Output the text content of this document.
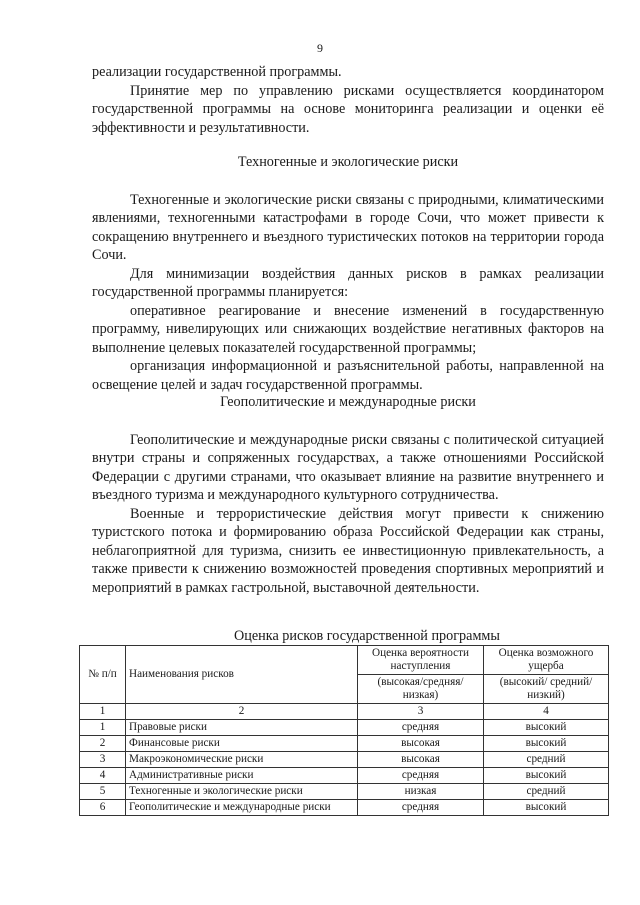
9

реализации государственной программы.

Принятие мер по управлению рисками осуществляется координатором государственной программы на основе мониторинга реализации и оценки её эффективности и результативности.

Техногенные и экологические риски

Техногенные и экологические риски связаны с природными, климатическими явлениями, техногенными катастрофами в городе Сочи, что может привести к сокращению внутреннего и въездного туристических потоков на территории города Сочи.

Для минимизации воздействия данных рисков в рамках реализации государственной программы планируется:

оперативное реагирование и внесение изменений в государственную программу, нивелирующих или снижающих воздействие негативных факторов на выполнение целевых показателей государственной программы;

организация информационной и разъяснительной работы, направленной на освещение целей и задач государственной программы.

Геополитические и международные риски

Геополитические и международные риски связаны с политической ситуацией внутри страны и сопряженных государствах, а также отношениями Российской Федерации с другими странами, что оказывает влияние на развитие внутреннего и въездного туризма и международного культурного сотрудничества.

Военные и террористические действия могут привести к снижению туристского потока и формированию образа Российской Федерации как страны, неблагоприятной для туризма, снизить ее инвестиционную привлекательность, а также привести к снижению возможностей проведения спортивных мероприятий и мероприятий в рамках гастрольной, выставочной деятельности.

Оценка рисков государственной программы
№ п/п	Наименования рисков	Оценка вероятности наступления	Оценка возможного ущерба
		(высокая/средняя/ низкая)	(высокий/ средний/ низкий)
1	2	3	4
1	Правовые риски	средняя	высокий
2	Финансовые риски	высокая	высокий
3	Макроэкономические риски	высокая	средний
4	Административные риски	средняя	высокий
5	Техногенные и экологические риски	низкая	средний
6	Геополитические и международные риски	средняя	высокий
